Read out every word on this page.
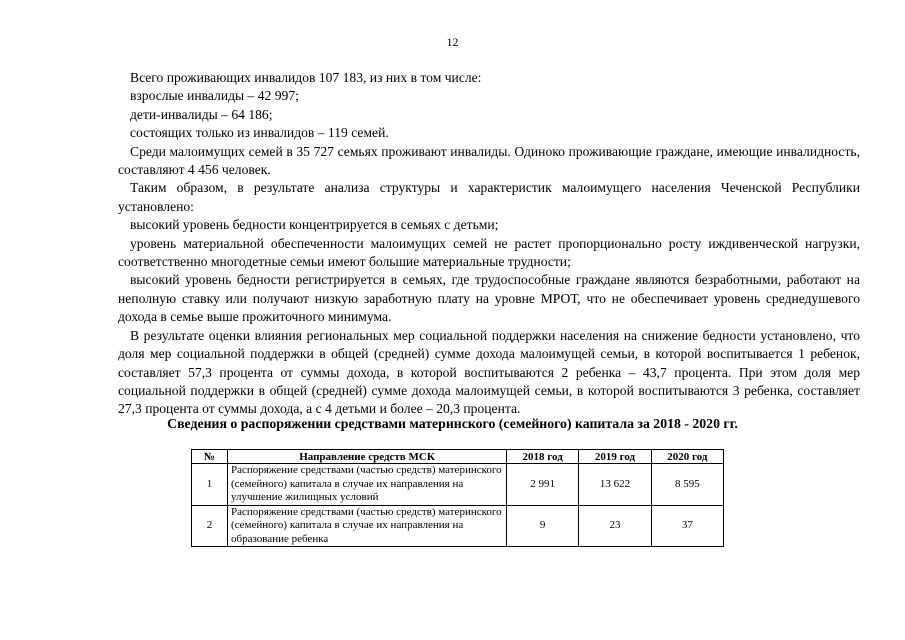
12

Всего проживающих инвалидов 107 183, из них в том числе:

взрослые инвалиды – 42 997;

дети-инвалиды – 64 186;

состоящих только из инвалидов – 119 семей.

Среди малоимущих семей в 35 727 семьях проживают инвалиды. Одиноко проживающие граждане, имеющие инвалидность, составляют 4 456 человек.

Таким образом, в результате анализа структуры и характеристик малоимущего населения Чеченской Республики установлено:

высокий уровень бедности концентрируется в семьях с детьми;

уровень материальной обеспеченности малоимущих семей не растет пропорционально росту иждивенческой нагрузки, соответственно многодетные семьи имеют большие материальные трудности;

высокий уровень бедности регистрируется в семьях, где трудоспособные граждане являются безработными, работают на неполную ставку или получают низкую заработную плату на уровне МРОТ, что не обеспечивает уровень среднедушевого дохода в семье выше прожиточного минимума.

В результате оценки влияния региональных мер социальной поддержки населения на снижение бедности установлено, что доля мер социальной поддержки в общей (средней) сумме дохода малоимущей семьи, в которой воспитывается 1 ребенок, составляет 57,3 процента от суммы дохода, в которой воспитываются 2 ребенка – 43,7 процента. При этом доля мер социальной поддержки в общей (средней) сумме дохода малоимущей семьи, в которой воспитываются 3 ребенка, составляет 27,3 процента от суммы дохода, а с 4 детьми и более – 20,3 процента.

Сведения о распоряжении средствами материнского (семейного) капитала за 2018 - 2020 гг.
№	Направление средств МСК	2018 год	2019 год	2020 год
1	Распоряжение средствами (частью средств) материнского (семейного) капитала в случае их направления на улучшение жилищных условий	2 991	13 622	8 595
2	Распоряжение средствами (частью средств) материнского (семейного) капитала в случае их направления на образование ребенка	9	23	37
